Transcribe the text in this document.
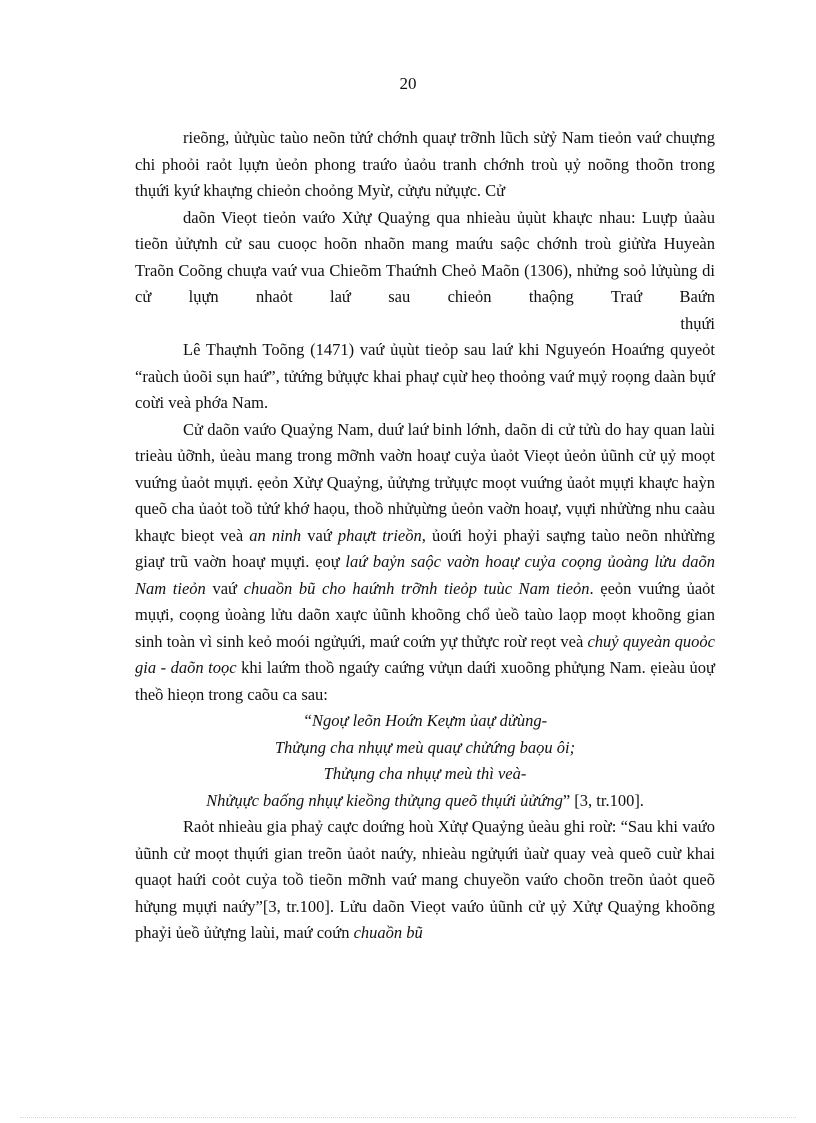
20

rieõng, ủửụùc taùo neõn tửứ chớnh quaự trỡnh lũch sửỷ Nam tieỏn vaứ chuựng chi phoỏi raỏt lụựn ủeỏn phong traứo ủaỏu tranh chớnh troù ụỷ noõng thoõn trong thụứi kyứ khaựng chieỏn choỏng Myừ, cửựu nửụực. Cử

daõn Vieọt tieỏn vaứo Xửự Quaỷng qua nhieàu ủụùt khaực nhau: Luựp ủaàu tieõn ủửựnh cử sau cuoọc hoõn nhaõn mang maứu saộc chớnh troù giửừa Huyeàn Traõn Coõng chuựa vaứ vua Chieõm Thaứnh Cheỏ Maõn (1306), nhửng soỏ lửụùng di cử lụựn nhaỏt laứ sau chieỏn thaộng Traứ Baứn

thụứi

Lê Thaựnh Toõng (1471) vaứ ủụùt tieỏp sau laứ khi Nguyeón Hoaứng quyeỏt “raùch ủoõi sụn haứ”, tửứng bửụực khai phaự cụừ heọ thoỏng vaứ mụỷ roọng daàn bụứ coừi veà phớa Nam.

Cử daõn vaứo Quaỷng Nam, duứ laứ binh lớnh, daõn di cử tửù do hay quan laùi trieàu ủỡnh, ủeàu mang trong mỡnh vaờn hoaự cuỷa ủaỏt Vieọt ủeỏn ủũnh cử ụỷ moọt vuứng ủaỏt mụựi. ẹeỏn Xửự Quaỷng, ủửựng trửụực moọt vuứng ủaỏt mụựi khaực haỳn queõ cha ủaỏt toồ tửứ khớ haọu, thoồ nhửụừng ủeỏn vaờn hoaự, vụựi nhửừng nhu caàu khaực bieọt veà an ninh vaứ phaựt trieồn, ủoứi hoỷi phaỷi saựng taùo neõn nhửừng giaự trũ vaờn hoaự mụựi. ẹoự laứ baỷn saộc vaờn hoaự cuỷa coọng ủoàng lửu daõn Nam tieỏn vaứ chuaồn bũ cho haứnh trỡnh tieỏp tuùc Nam tieỏn. ẹeỏn vuứng ủaỏt mụựi, coọng ủoàng lửu daõn xaực ủũnh khoõng chổ ủeồ taùo laọp moọt khoõng gian sinh toàn vì sinh keỏ moói ngửụứi, maứ coứn yự thửực roừ reọt veà chuỷ quyeàn quoỏc gia - daõn toọc khi laứm thoồ ngaứy caứng vửụn daứi xuoõng phửụng Nam. ẹieàu ủoự theồ hieọn trong caõu ca sau:

“Ngoự leõn Hoứn Keựm ủaự dửùng-
Thửụng cha nhụự meù quaự chửứng baọu ôi;
Thửụng cha nhụự meù thì veà-
Nhửụực baống nhụự kieồng thửụng queõ thụứi ủửứng” [3, tr.100].

Raỏt nhieàu gia phaỷ caực doứng hoù Xửự Quaỷng ủeàu ghi roừ: “Sau khi vaứo ủũnh cử moọt thụứi gian treõn ủaỏt naứy, nhieàu ngửụứi ủaừ quay veà queõ cuừ khai quaọt haứi coỏt cuỷa toồ tieõn mỡnh vaứ mang chuyeồn vaứo choõn treõn ủaỏt queõ hửụng mụựi naứy”[3, tr.100]. Lửu daõn Vieọt vaứo ủũnh cử ụỷ Xửự Quaỷng khoõng phaỷi ủeồ ủửựng laùi, maứ coứn chuaồn bũ
